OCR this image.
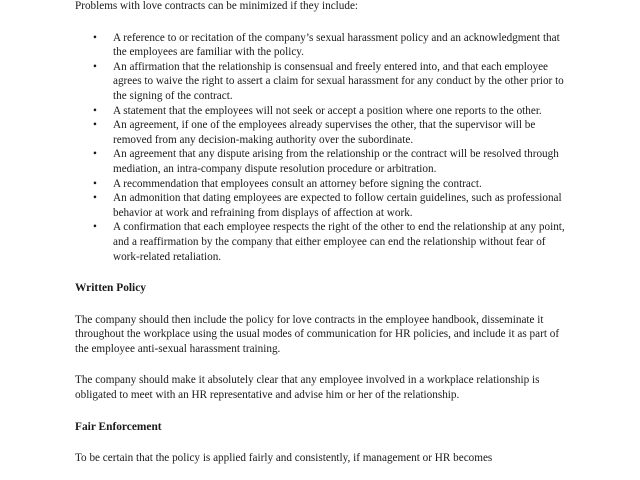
Problems with love contracts can be minimized if they include:

• A reference to or recitation of the company’s sexual harassment policy and an acknowledgment that the employees are familiar with the policy.
• An affirmation that the relationship is consensual and freely entered into, and that each employee agrees to waive the right to assert a claim for sexual harassment for any conduct by the other prior to the signing of the contract.
• A statement that the employees will not seek or accept a position where one reports to the other.
• An agreement, if one of the employees already supervises the other, that the supervisor will be removed from any decision-making authority over the subordinate.
• An agreement that any dispute arising from the relationship or the contract will be resolved through mediation, an intra-company dispute resolution procedure or arbitration.
• A recommendation that employees consult an attorney before signing the contract.
• An admonition that dating employees are expected to follow certain guidelines, such as professional behavior at work and refraining from displays of affection at work.
• A confirmation that each employee respects the right of the other to end the relationship at any point, and a reaffirmation by the company that either employee can end the relationship without fear of work-related retaliation.
Written Policy

The company should then include the policy for love contracts in the employee handbook, disseminate it throughout the workplace using the usual modes of communication for HR policies, and include it as part of the employee anti-sexual harassment training.

The company should make it absolutely clear that any employee involved in a workplace relationship is obligated to meet with an HR representative and advise him or her of the relationship.

Fair Enforcement

To be certain that the policy is applied fairly and consistently, if management or HR becomes
